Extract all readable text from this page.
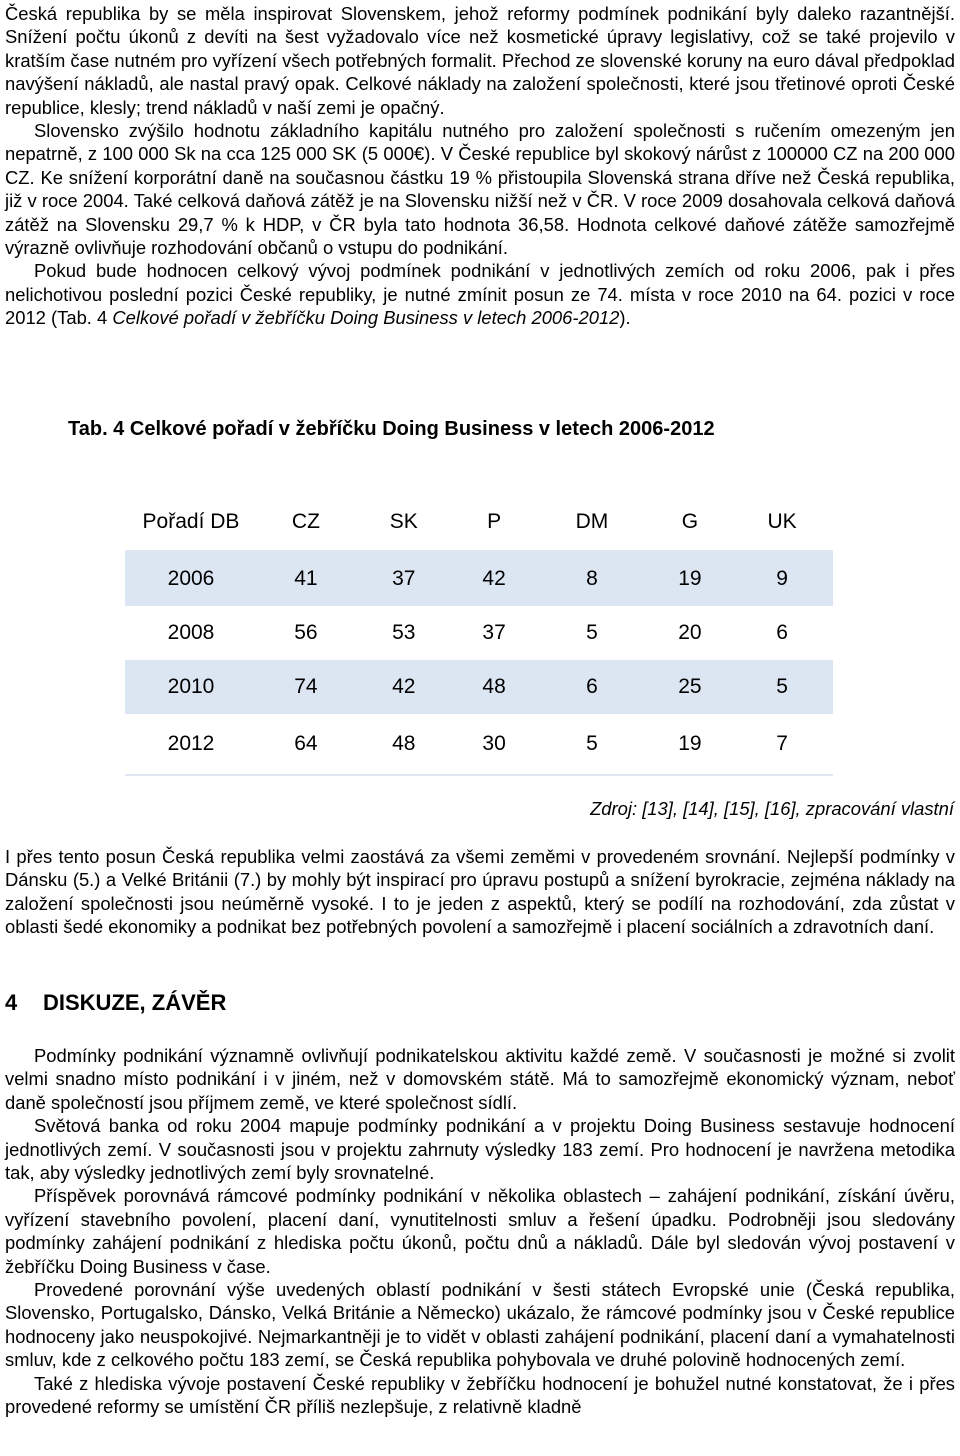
Česká republika by se měla inspirovat Slovenskem, jehož reformy podmínek podnikání byly daleko razantnější. Snížení počtu úkonů z devíti na šest vyžadovalo více než kosmetické úpravy legislativy, což se také projevilo v kratším čase nutném pro vyřízení všech potřebných formalit. Přechod ze slovenské koruny na euro dával předpoklad navýšení nákladů, ale nastal pravý opak. Celkové náklady na založení společnosti, které jsou třetinové oproti České republice, klesly; trend nákladů v naší zemi je opačný.

Slovensko zvýšilo hodnotu základního kapitálu nutného pro založení společnosti s ručením omezeným jen nepatrně, z 100 000 Sk na cca 125 000 SK (5 000€). V České republice byl skokový nárůst z 100000 CZ na 200 000 CZ. Ke snížení korporátní daně na současnou částku 19 % přistoupila Slovenská strana dříve než Česká republika, již v roce 2004. Také celková daňová zátěž je na Slovensku nižší než v ČR. V roce 2009 dosahovala celková daňová zátěž na Slovensku 29,7 % k HDP, v ČR byla tato hodnota 36,58. Hodnota celkové daňové zátěže samozřejmě výrazně ovlivňuje rozhodování občanů o vstupu do podnikání.

Pokud bude hodnocen celkový vývoj podmínek podnikání v jednotlivých zemích od roku 2006, pak i přes nelichotivou poslední pozici České republiky, je nutné zmínit posun ze 74. místa v roce 2010 na 64. pozici v roce 2012 (Tab. 4 Celkové pořadí v žebříčku Doing Business v letech 2006-2012).

Tab. 4 Celkové pořadí v žebříčku Doing Business v letech 2006-2012
Pořadí DB	CZ	SK	P	DM	G	UK
2006	41	37	42	8	19	9
2008	56	53	37	5	20	6
2010	74	42	48	6	25	5
2012	64	48	30	5	19	7
Zdroj: [13], [14], [15], [16], zpracování vlastní

I přes tento posun Česká republika velmi zaostává za všemi zeměmi v provedeném srovnání. Nejlepší podmínky v Dánsku (5.) a Velké Británii (7.) by mohly být inspirací pro úpravu postupů a snížení byrokracie, zejména náklady na založení společnosti jsou neúměrně vysoké. I to je jeden z aspektů, který se podílí na rozhodování, zda zůstat v oblasti šedé ekonomiky a podnikat bez potřebných povolení a samozřejmě i placení sociálních a zdravotních daní.

4 DISKUZE, ZÁVĚR

Podmínky podnikání významně ovlivňují podnikatelskou aktivitu každé země. V současnosti je možné si zvolit velmi snadno místo podnikání i v jiném, než v domovském státě. Má to samozřejmě ekonomický význam, neboť daně společností jsou příjmem země, ve které společnost sídlí.

Světová banka od roku 2004 mapuje podmínky podnikání a v projektu Doing Business sestavuje hodnocení jednotlivých zemí. V současnosti jsou v projektu zahrnuty výsledky 183 zemí. Pro hodnocení je navržena metodika tak, aby výsledky jednotlivých zemí byly srovnatelné.

Příspěvek porovnává rámcové podmínky podnikání v několika oblastech – zahájení podnikání, získání úvěru, vyřízení stavebního povolení, placení daní, vynutitelnosti smluv a řešení úpadku. Podrobněji jsou sledovány podmínky zahájení podnikání z hlediska počtu úkonů, počtu dnů a nákladů. Dále byl sledován vývoj postavení v žebříčku Doing Business v čase.

Provedené porovnání výše uvedených oblastí podnikání v šesti státech Evropské unie (Česká republika, Slovensko, Portugalsko, Dánsko, Velká Británie a Německo) ukázalo, že rámcové podmínky jsou v České republice hodnoceny jako neuspokojivé. Nejmarkantněji je to vidět v oblasti zahájení podnikání, placení daní a vymahatelnosti smluv, kde z celkového počtu 183 zemí, se Česká republika pohybovala ve druhé polovině hodnocených zemí.

Také z hlediska vývoje postavení České republiky v žebříčku hodnocení je bohužel nutné konstatovat, že i přes provedené reformy se umístění ČR příliš nezlepšuje, z relativně kladně
